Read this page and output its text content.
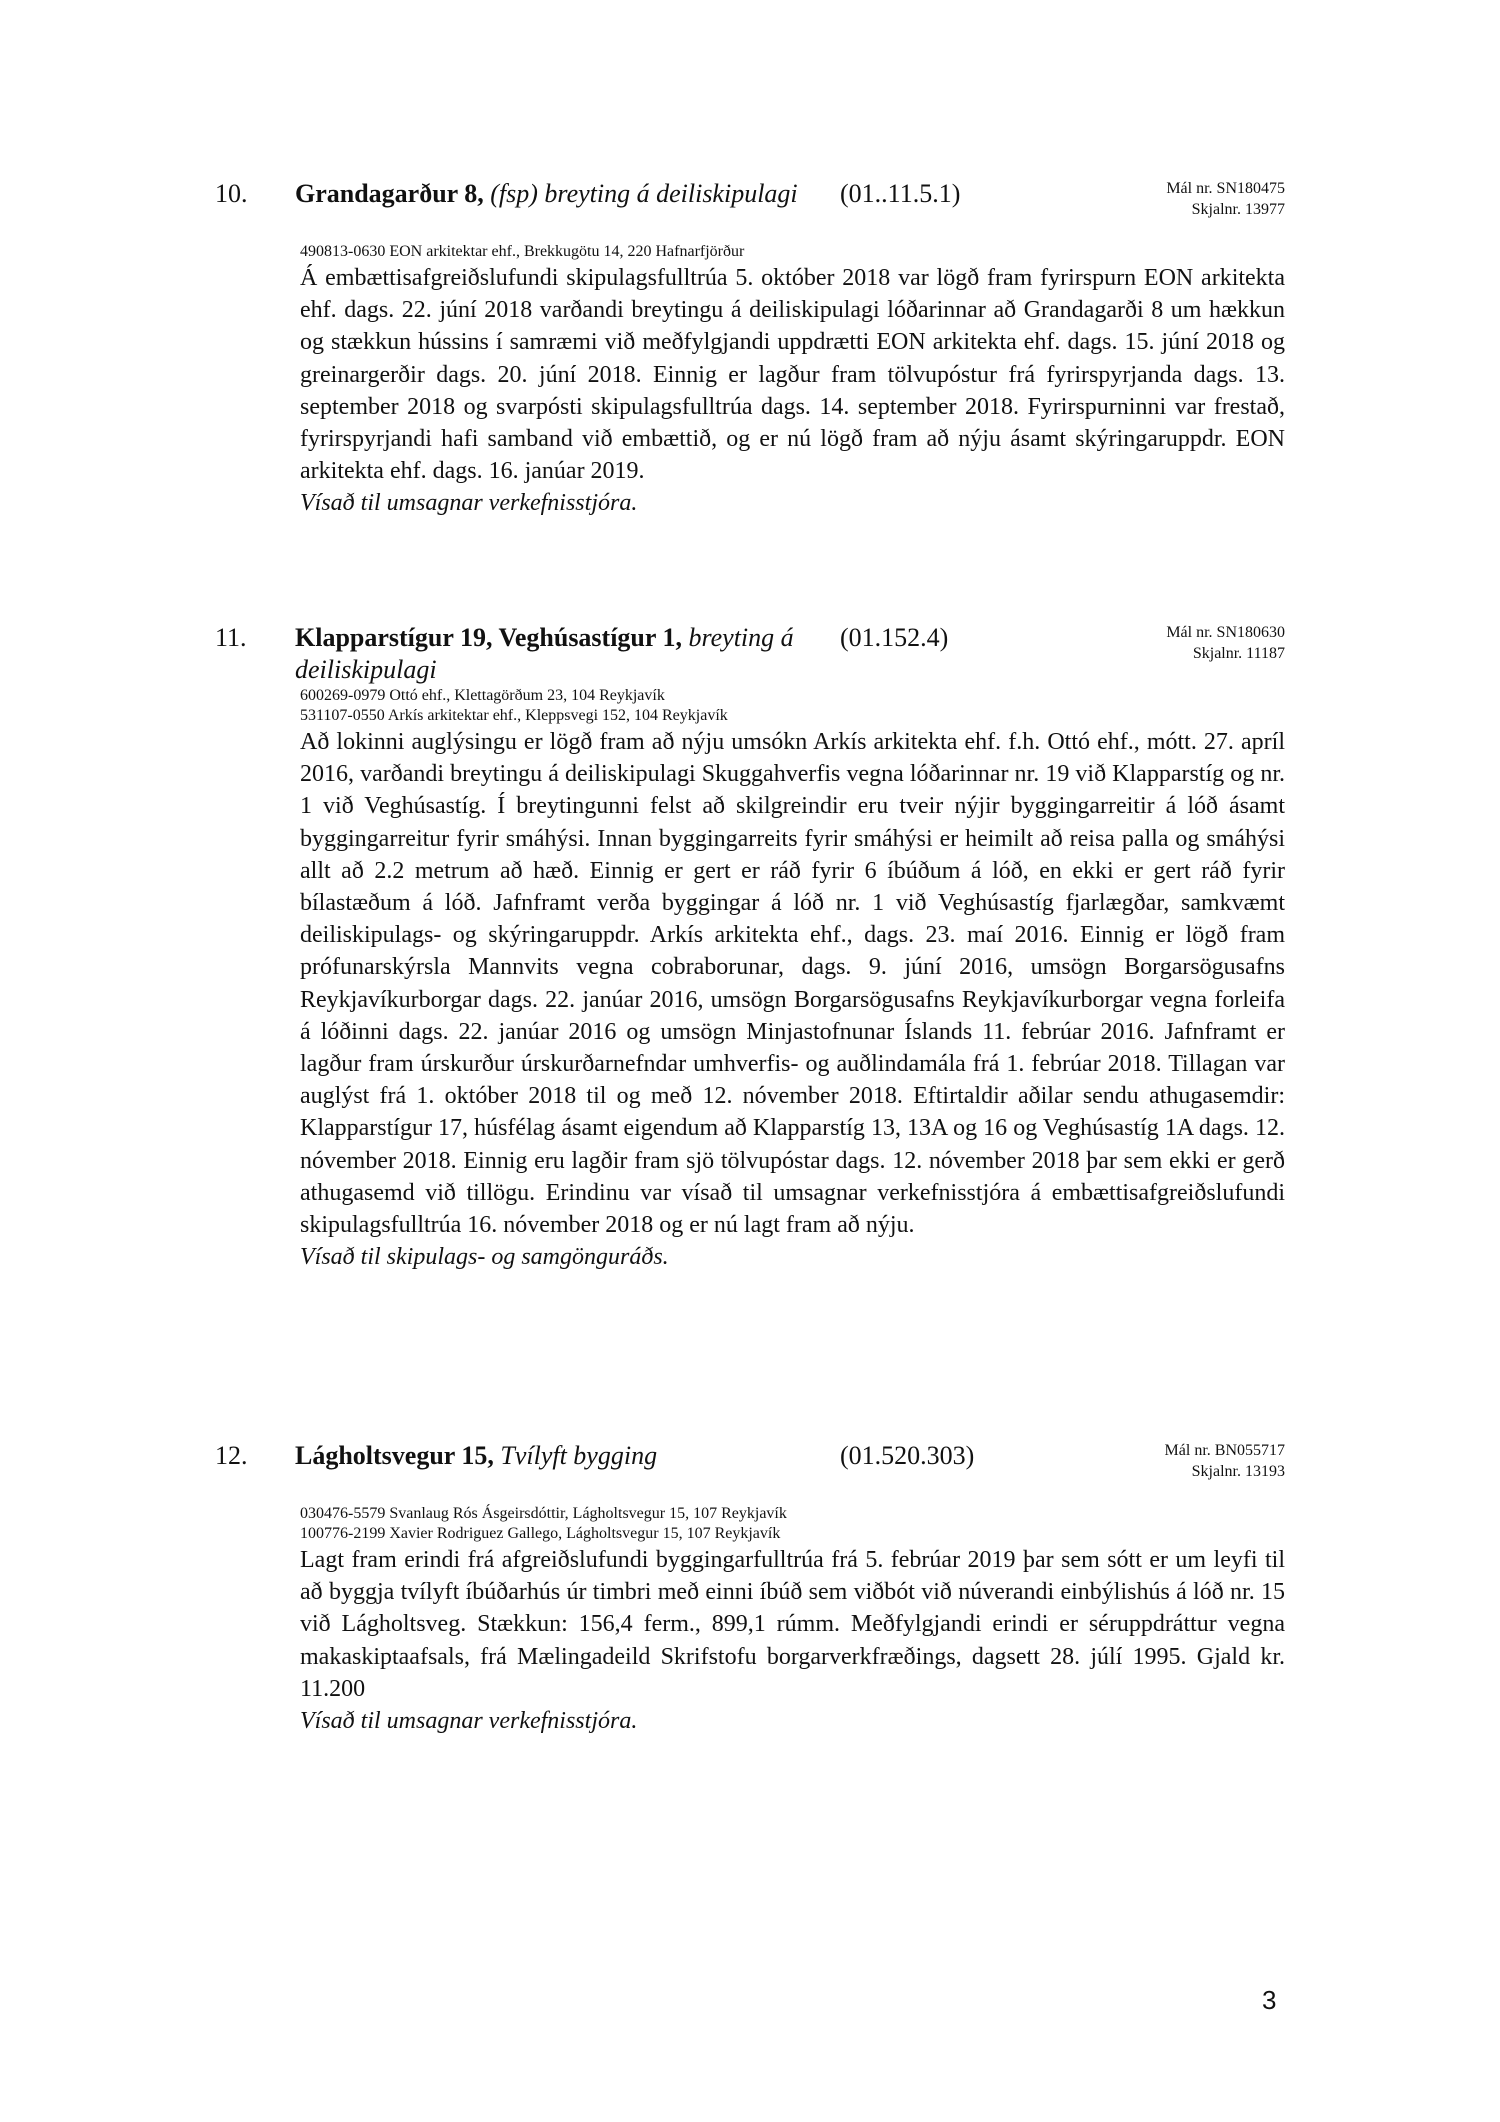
10. Grandagarður 8, (fsp) breyting á deiliskipulagi	(01..11.5.1)	Mál nr. SN180475
Skjalnr. 13977
490813-0630 EON arkitektar ehf., Brekkugötu 14, 220 Hafnarfjörður
Á embættisafgreiðslufundi skipulagsfulltrúa 5. október 2018 var lögð fram fyrirspurn EON arkitekta ehf. dags. 22. júní 2018 varðandi breytingu á deiliskipulagi lóðarinnar að Grandagarði 8 um hækkun og stækkun hússins í samræmi við meðfylgjandi uppdrætti EON arkitekta ehf. dags. 15. júní 2018 og greinargerðir dags. 20. júní 2018. Einnig er lagður fram tölvupóstur frá fyrirspyrjanda dags. 13. september 2018 og svarpósti skipulagsfulltrúa dags. 14. september 2018. Fyrirspurninni var frestað, fyrirspyrjandi hafi samband við embættið, og er nú lögð fram að nýju ásamt skýringaruppdr. EON arkitekta ehf. dags. 16. janúar 2019.
Vísað til umsagnar verkefnisstjóra.
11. Klapparstígur 19, Veghúsastígur 1, breyting á deiliskipulagi
(01.152.4)	Mál nr. SN180630
Skjalnr. 11187
600269-0979 Ottó ehf., Klettagörðum 23, 104 Reykjavík
531107-0550 Arkís arkitektar ehf., Kleppsvegi 152, 104 Reykjavík
Að lokinni auglýsingu er lögð fram að nýju umsókn Arkís arkitekta ehf. f.h. Ottó ehf., mótt. 27. apríl 2016, varðandi breytingu á deiliskipulagi Skuggahverfis vegna lóðarinnar nr. 19 við Klapparstíg og nr. 1 við Veghúsastíg. Í breytingunni felst að skilgreindir eru tveir nýjir byggingarreitir á lóð ásamt byggingarreitur fyrir smáhýsi. Innan byggingarreits fyrir smáhýsi er heimilt að reisa palla og smáhýsi allt að 2.2 metrum að hæð. Einnig er gert er ráð fyrir 6 íbúðum á lóð, en ekki er gert ráð fyrir bílastæðum á lóð. Jafnframt verða byggingar á lóð nr. 1 við Veghúsastíg fjarlægðar, samkvæmt deiliskipulags- og skýringaruppdr. Arkís arkitekta ehf., dags. 23. maí 2016. Einnig er lögð fram prófunarskýrsla Mannvits vegna cobraborunar, dags. 9. júní 2016, umsögn Borgarsögusafns Reykjavíkurborgar dags. 22. janúar 2016, umsögn Borgarsögusafns Reykjavíkurborgar vegna forleifa á lóðinni dags. 22. janúar 2016 og umsögn Minjastofnunar Íslands 11. febrúar 2016. Jafnframt er lagður fram úrskurður úrskurðarnefndar umhverfis- og auðlindamála frá 1. febrúar 2018. Tillagan var auglýst frá 1. október 2018 til og með 12. nóvember 2018. Eftirtaldir aðilar sendu athugasemdir: Klapparstígur 17, húsfélag ásamt eigendum að Klapparstíg 13, 13A og 16 og Veghúsastíg 1A dags. 12. nóvember 2018. Einnig eru lagðir fram sjö tölvupóstar dags. 12. nóvember 2018 þar sem ekki er gerð athugasemd við tillögu. Erindinu var vísað til umsagnar verkefnisstjóra á embættisafgreiðslufundi skipulagsfulltrúa 16. nóvember 2018 og er nú lagt fram að nýju.
Vísað til skipulags- og samgönguráðs.
12. Lágholtsvegur 15, Tvílyft bygging	(01.520.303)	Mál nr. BN055717
Skjalnr. 13193
030476-5579 Svanlaug Rós Ásgeirsdóttir, Lágholtsvegur 15, 107 Reykjavík
100776-2199 Xavier Rodriguez Gallego, Lágholtsvegur 15, 107 Reykjavík
Lagt fram erindi frá afgreiðslufundi byggingarfulltrúa frá 5. febrúar 2019 þar sem sótt er um leyfi til að byggja tvílyft íbúðarhús úr timbri með einni íbúð sem viðbót við núverandi einbýlishús á lóð nr. 15 við Lágholtsveg. Stækkun: 156,4 ferm., 899,1 rúmm. Meðfylgjandi erindi er séruppdráttur vegna makaskiptaafsals, frá Mælingadeild Skrifstofu borgarverkfræðings, dagsett 28. júlí 1995. Gjald kr. 11.200
Vísað til umsagnar verkefnisstjóra.
3
